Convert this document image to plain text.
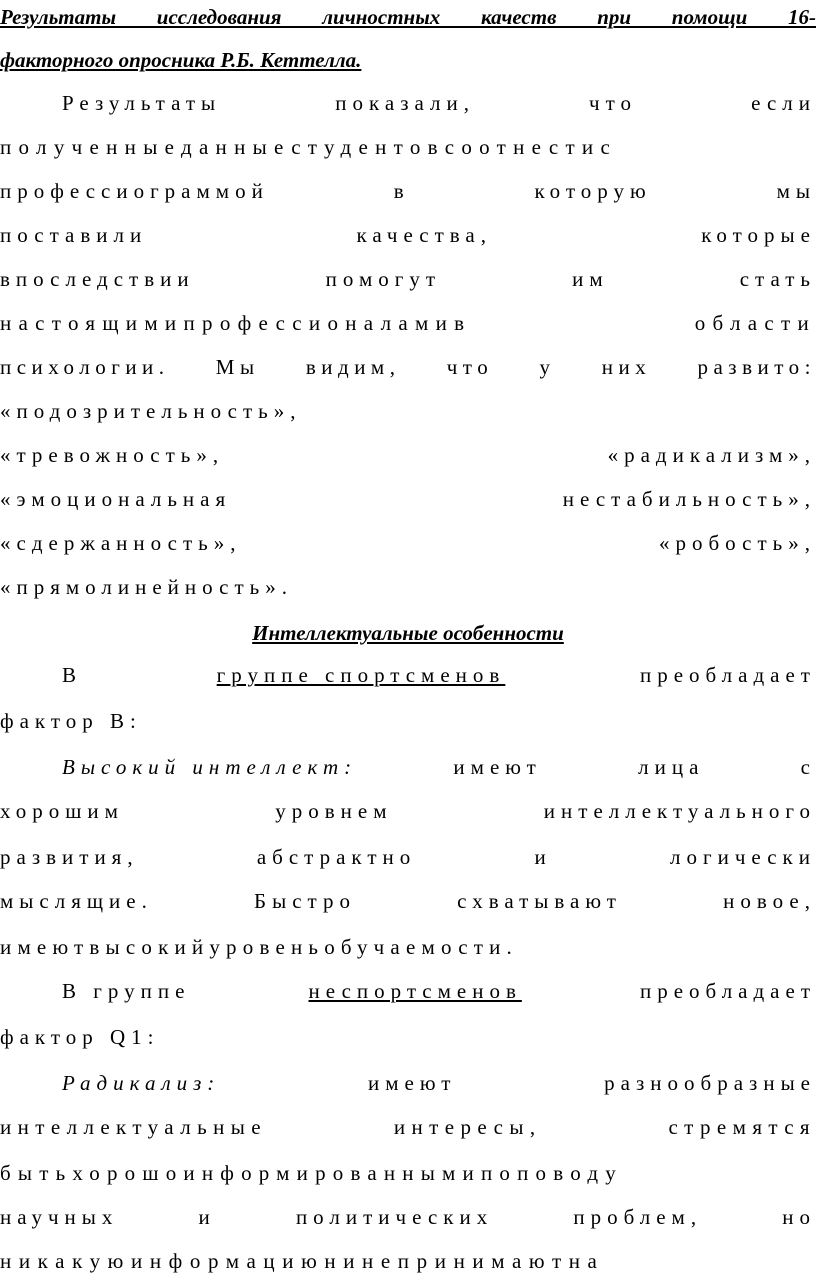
Результаты исследования личностных качеств при помощи 16-
факторного опросника Р.Б. Кеттелла.
Результаты	показали,	что	если
полученныеданныестудентовсоотнестис
профессиограммой	в	которую	мы
поставили	качества,	которые
впоследствии	помогут	им	стать
настоящимипрофессионаламив области
психологии. Мы видим, что у них развито:
«подозрительность»,
«тревожность»,	«радикализм»,
«эмоциональная	нестабильность»,
«сдержанность»,	«робость»,
«прямолинейность».
Интеллектуальные особенности
В	группе спортсменов	преобладает
фактор B:
Высокий интеллект:	имеют	лица	с
хорошим	уровнем	интеллектуального
развития,	абстрактно	и	логически
мыслящие.	Быстро	схватывают	новое,
имеютвысокийуровеньобучаемости.
В группе	неспортсменов	преобладает
фактор Q1:
Радикализ:	имеют	разнообразные
интеллектуальные интересы, стремятся
бытьхорошоинформированнымипоповоду
научных	и	политических	проблем,	но
никакуюинформациюнинепринимаютна
